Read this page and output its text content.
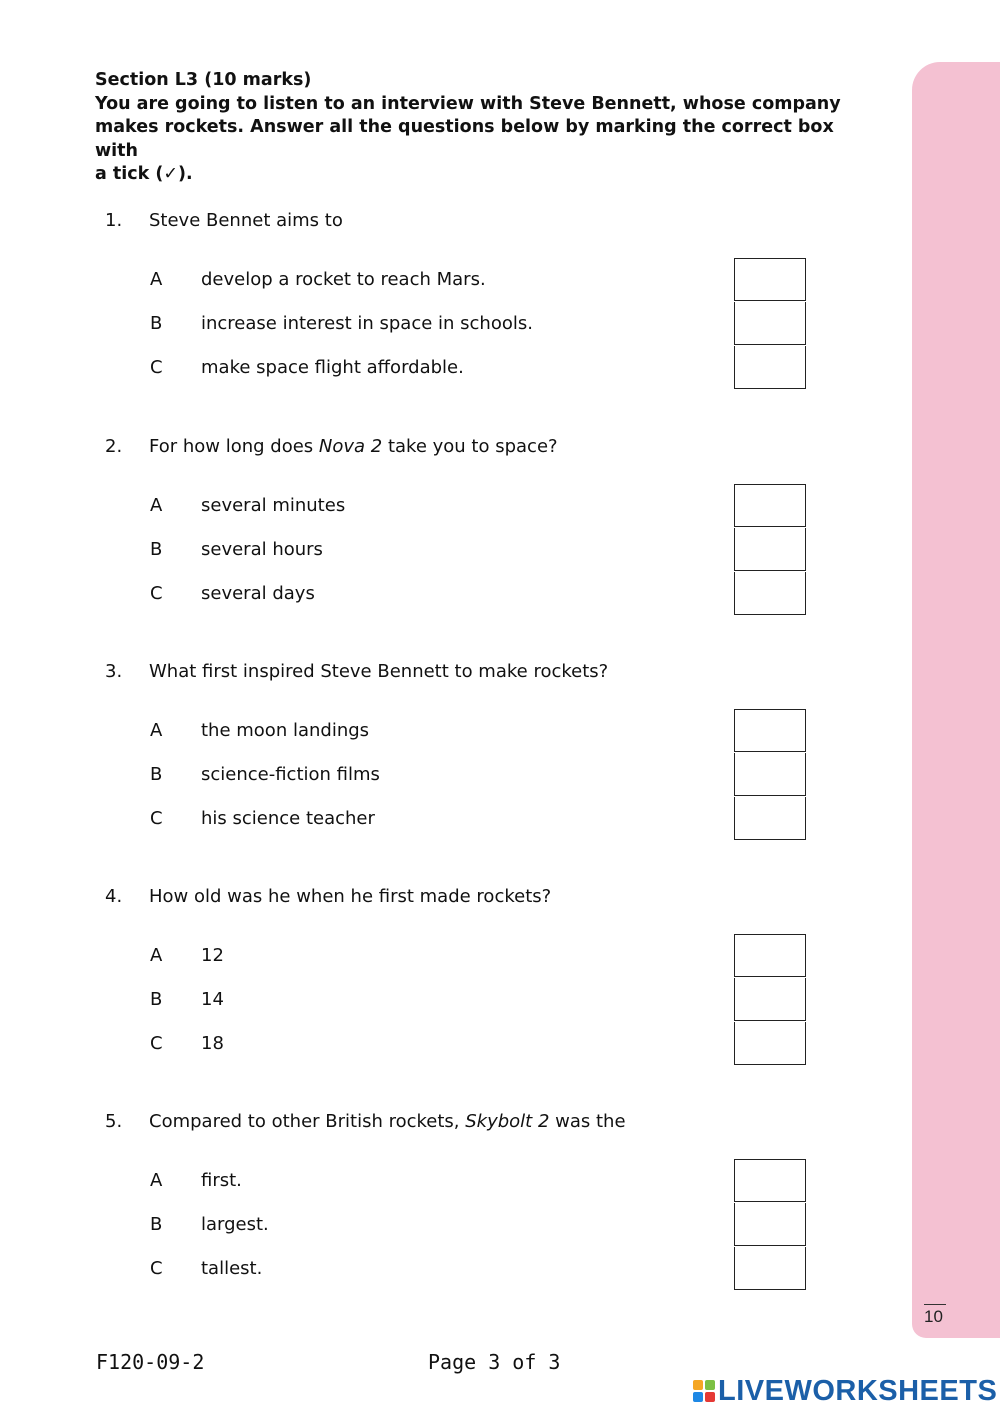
Section L3 (10 marks)
You are going to listen to an interview with Steve Bennett, whose company
makes rockets. Answer all the questions below by marking the correct box with
a tick (✓).
10
1. Steve Bennet aims to
A develop a rocket to reach Mars.
B increase interest in space in schools.
C make space flight affordable.
2. For how long does Nova 2 take you to space?
A several minutes
B several hours
C several days
3. What first inspired Steve Bennett to make rockets?
A the moon landings
B science-fiction films
C his science teacher
4. How old was he when he first made rockets?
A 12
B 14
C 18
5. Compared to other British rockets, Skybolt 2 was the
A first.
B largest.
C tallest.
F120-09-2	Page 3 of 3
LIVEWORKSHEETS
